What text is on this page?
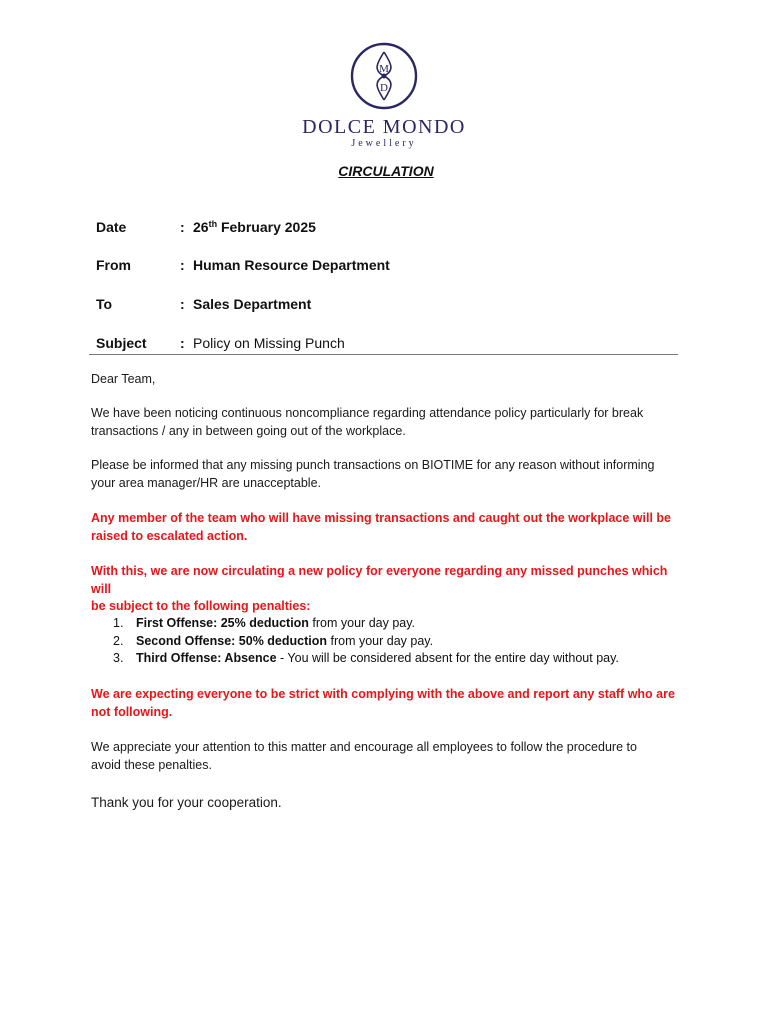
M
D
DOLCE MONDO
Jewellery
CIRCULATION
Date	: 26th February 2025
From	: Human Resource Department
To	: Sales Department
Subject : Policy on Missing Punch
Dear Team,
We have been noticing continuous noncompliance regarding attendance policy particularly for break
transactions / any in between going out of the workplace.
Please be informed that any missing punch transactions on BIOTIME for any reason without informing
your area manager/HR are unacceptable.
Any member of the team who will have missing transactions and caught out the workplace will be
raised to escalated action.
With this, we are now circulating a new policy for everyone regarding any missed punches which will
be subject to the following penalties:
1. First Offense: 25% deduction from your day pay.
2. Second Offense: 50% deduction from your day pay.
3. Third Offense: Absence - You will be considered absent for the entire day without pay.
We are expecting everyone to be strict with complying with the above and report any staff who are
not following.
We appreciate your attention to this matter and encourage all employees to follow the procedure to
avoid these penalties.
Thank you for your cooperation.
